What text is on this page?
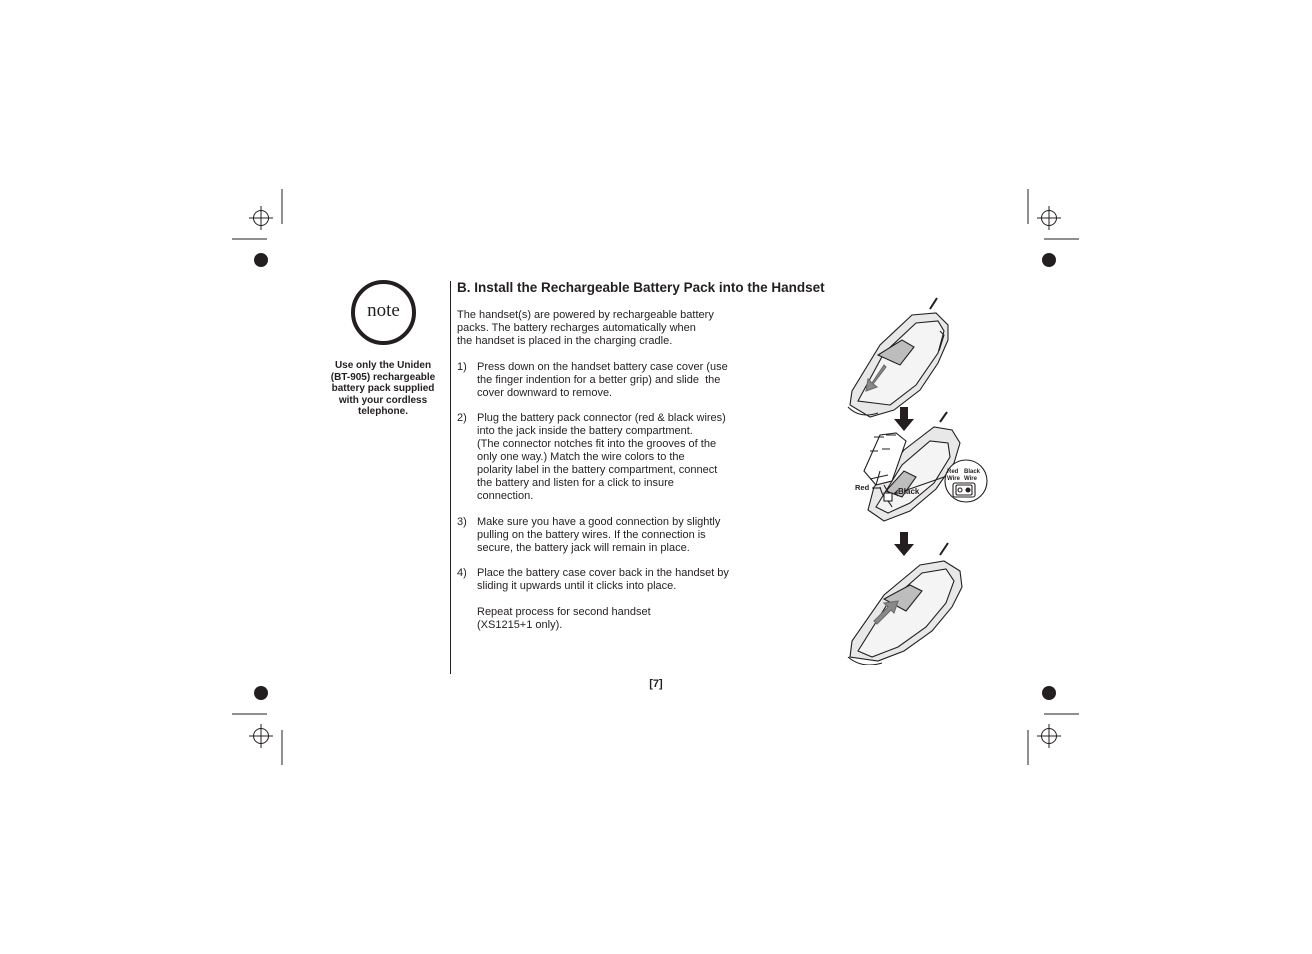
note
Use only the Uniden
(BT-905) rechargeable
battery pack supplied
with your cordless
telephone.
B. Install the Rechargeable Battery Pack into the Handset
The handset(s) are powered by rechargeable battery
packs. The battery recharges automatically when
the handset is placed in the charging cradle.
1) Press down on the handset battery case cover (use
the finger indention for a better grip) and slide  the
cover downward to remove.
2) Plug the battery pack connector (red & black wires)
into the jack inside the battery compartment.
(The connector notches fit into the grooves of the
only one way.) Match the wire colors to the
polarity label in the battery compartment, connect
the battery and listen for a click to insure
connection.
3) Make sure you have a good connection by slightly
pulling on the battery wires. If the connection is
secure, the battery jack will remain in place.
4) Place the battery case cover back in the handset by
sliding it upwards until it clicks into place.
Repeat process for second handset
(XS1215+1 only).
Red	Black
Red Black
Wire Wire
[7]
